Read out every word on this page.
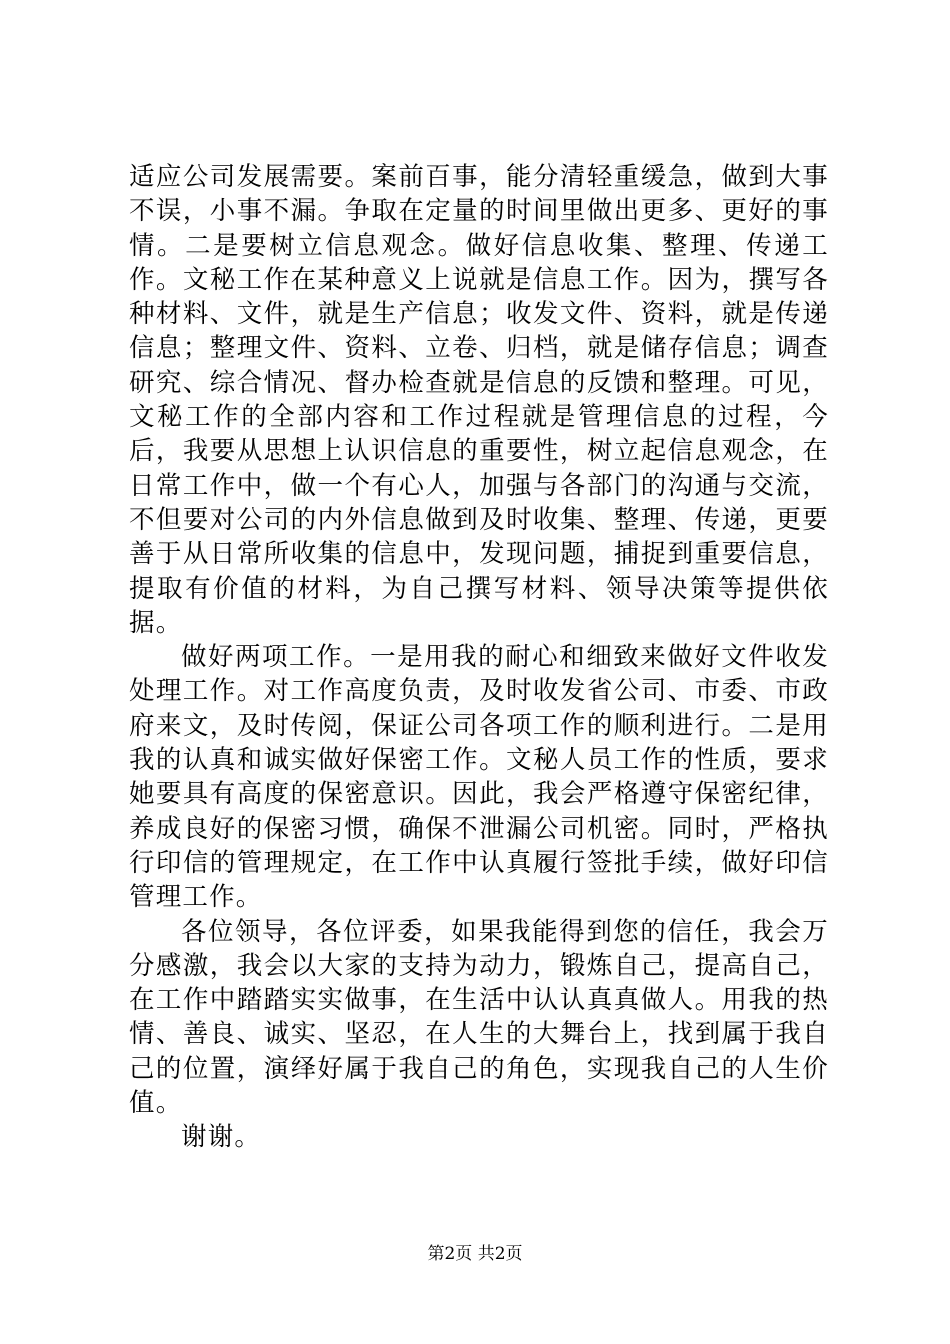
适应公司发展需要。案前百事，能分清轻重缓急，做到大事不误，小事不漏。争取在定量的时间里做出更多、更好的事情。二是要树立信息观念。做好信息收集、整理、传递工作。文秘工作在某种意义上说就是信息工作。因为，撰写各种材料、文件，就是生产信息；收发文件、资料，就是传递信息；整理文件、资料、立卷、归档，就是储存信息；调查研究、综合情况、督办检查就是信息的反馈和整理。可见，文秘工作的全部内容和工作过程就是管理信息的过程，今后，我要从思想上认识信息的重要性，树立起信息观念，在日常工作中，做一个有心人，加强与各部门的沟通与交流，不但要对公司的内外信息做到及时收集、整理、传递，更要善于从日常所收集的信息中，发现问题，捕捉到重要信息，提取有价值的材料，为自己撰写材料、领导决策等提供依据。

做好两项工作。一是用我的耐心和细致来做好文件收发处理工作。对工作高度负责，及时收发省公司、市委、市政府来文，及时传阅，保证公司各项工作的顺利进行。二是用我的认真和诚实做好保密工作。文秘人员工作的性质，要求她要具有高度的保密意识。因此，我会严格遵守保密纪律，养成良好的保密习惯，确保不泄漏公司机密。同时，严格执行印信的管理规定，在工作中认真履行签批手续，做好印信管理工作。

各位领导，各位评委，如果我能得到您的信任，我会万分感激，我会以大家的支持为动力，锻炼自己，提高自己，在工作中踏踏实实做事，在生活中认认真真做人。用我的热情、善良、诚实、坚忍，在人生的大舞台上，找到属于我自己的位置，演绎好属于我自己的角色，实现我自己的人生价值。

谢谢。

第2页 共2页
